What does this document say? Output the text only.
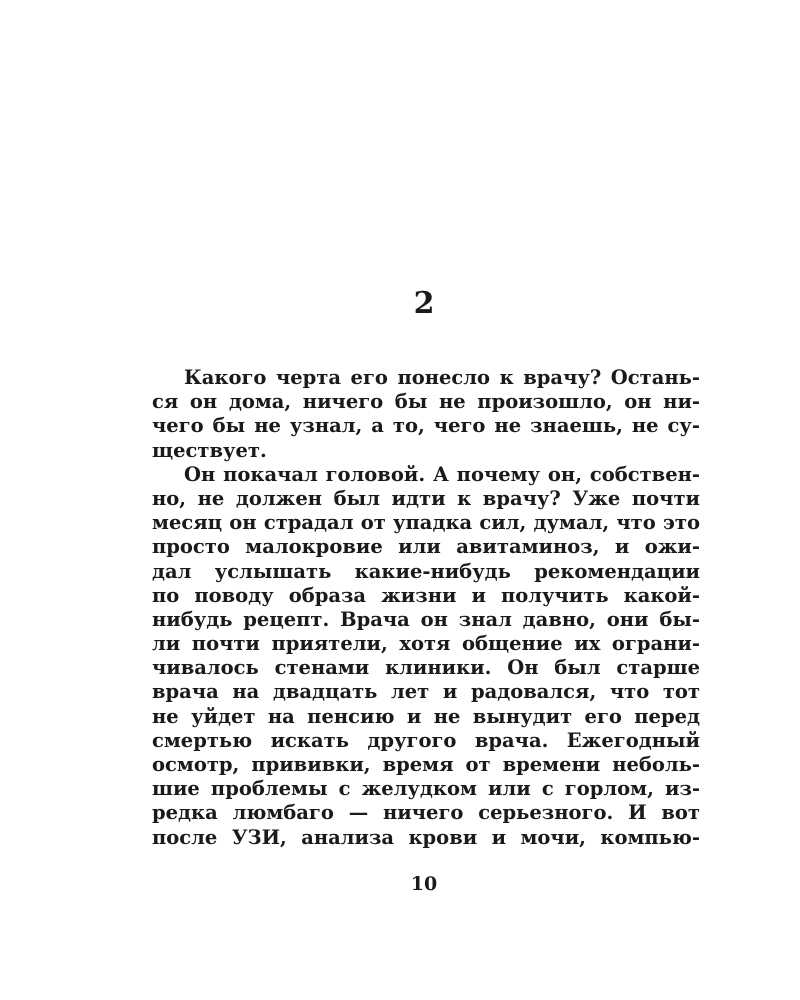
2
Какого черта его понесло к врачу? Остань-
ся он дома, ничего бы не произошло, он ни-
чего бы не узнал, а то, чего не знаешь, не су-
ществует.
Он покачал головой. А почему он, собствен-
но, не должен был идти к врачу? Уже почти
месяц он страдал от упадка сил, думал, что это
просто малокровие или авитаминоз, и ожи-
дал услышать какие-нибудь рекомендации
по поводу образа жизни и получить какой-
нибудь рецепт. Врача он знал давно, они бы-
ли почти приятели, хотя общение их ограни-
чивалось стенами клиники. Он был старше
врача на двадцать лет и радовался, что тот
не уйдет на пенсию и не вынудит его перед
смертью искать другого врача. Ежегодный
осмотр, прививки, время от времени неболь-
шие проблемы с желудком или с горлом, из-
редка люмбаго — ничего серьезного. И вот
после УЗИ, анализа крови и мочи, компью-
10
